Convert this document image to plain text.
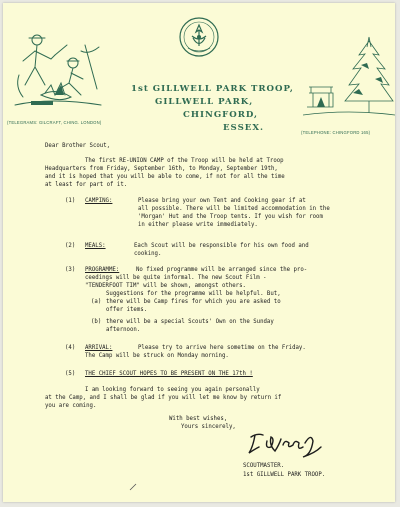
1st GILLWELL PARK TROOP,
GILLWELL PARK,
CHINGFORD,
ESSEX.
(TELEGRAMS: GILCRAFT, CHING. LONDON)
(TELEPHONE: CHINGFORD 165)
Dear Brother Scout,
The first RE-UNION CAMP of the Troop will be held at Troop
Headquarters from Friday, September 16th, to Monday, September 19th,
and it is hoped that you will be able to come, if not for all the time
at least for part of it.
(1) CAMPING:	Please bring your own Tent and Cooking gear if at
all possible. There will be limited accommodation in the
'Morgan' Hut and the Troop tents. If you wish for room
in either please write immediately.
(2) MEALS:	Each Scout will be responsible for his own food and
cooking.
(3) PROGRAMME:	No fixed programme will be arranged since the pro-
ceedings will be quite informal. The new Scout Film -
"TENDERFOOT TIM" will be shown, amongst others.
Suggestions for the programme will be helpful. But,
(a) there will be Camp fires for which you are asked to
offer items.
(b) there will be a special Scouts' Own on the Sunday
afternoon.
(4) ARRIVAL:	Please try to arrive here sometime on the Friday.
The Camp will be struck on Monday morning.
(5) THE CHIEF SCOUT HOPES TO BE PRESENT ON THE 17th !
I am looking forward to seeing you again personally
at the Camp, and I shall be glad if you will let me know by return if
you are coming.
With best wishes,
Yours sincerely,
SCOUTMASTER.
1st GILLWELL PARK TROOP.
